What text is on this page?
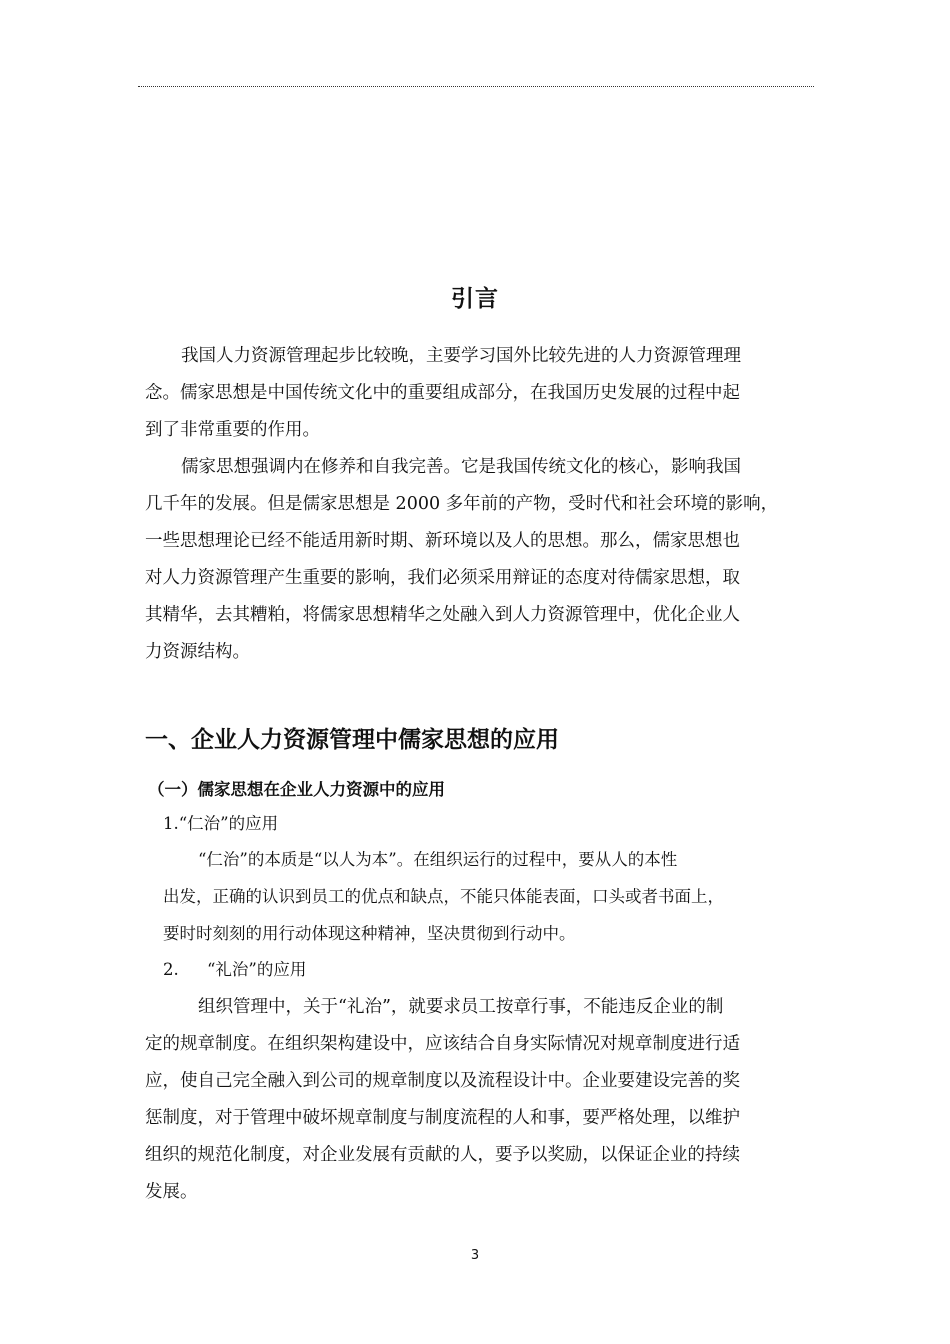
引言
我国人力资源管理起步比较晚，主要学习国外比较先进的人力资源管理理
念。儒家思想是中国传统文化中的重要组成部分，在我国历史发展的过程中起
到了非常重要的作用。
儒家思想强调内在修养和自我完善。它是我国传统文化的核心，影响我国
几千年的发展。但是儒家思想是 2000 多年前的产物，受时代和社会环境的影响，
一些思想理论已经不能适用新时期、新环境以及人的思想。那么，儒家思想也
对人力资源管理产生重要的影响，我们必须采用辩证的态度对待儒家思想，取
其精华，去其糟粕，将儒家思想精华之处融入到人力资源管理中，优化企业人
力资源结构。
一、企业人力资源管理中儒家思想的应用
（一）儒家思想在企业人力资源中的应用
1.“仁治”的应用
“仁治”的本质是“以人为本”。在组织运行的过程中，要从人的本性
出发，正确的认识到员工的优点和缺点，不能只体能表面，口头或者书面上，
要时时刻刻的用行动体现这种精神，坚决贯彻到行动中。
2. “礼治”的应用
组织管理中，关于“礼治”，就要求员工按章行事，不能违反企业的制
定的规章制度。在组织架构建设中，应该结合自身实际情况对规章制度进行适
应，使自己完全融入到公司的规章制度以及流程设计中。企业要建设完善的奖
惩制度，对于管理中破坏规章制度与制度流程的人和事，要严格处理，以维护
组织的规范化制度，对企业发展有贡献的人，要予以奖励，以保证企业的持续
发展。
3
